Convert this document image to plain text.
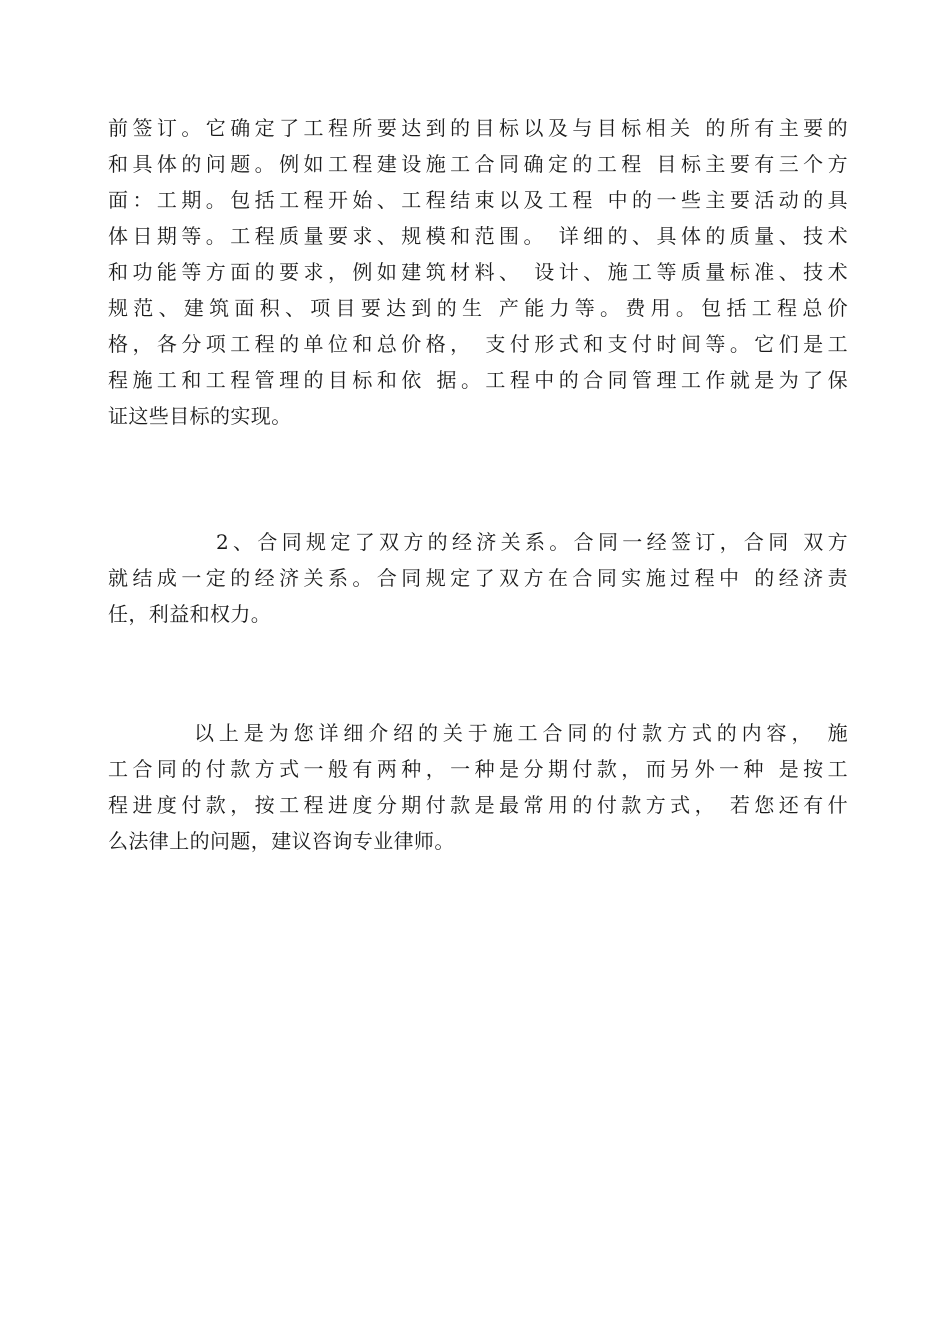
前签订。它确定了工程所要达到的目标以及与目标相关 的所有主要的
和具体的问题。例如工程建设施工合同确定的工程 目标主要有三个方
面：工期。包括工程开始、工程结束以及工程 中的一些主要活动的具
体日期等。工程质量要求、规模和范围。 详细的、具体的质量、技术
和功能等方面的要求，例如建筑材料、 设计、施工等质量标准、技术
规范、建筑面积、项目要达到的生 产能力等。费用。包括工程总价
格，各分项工程的单位和总价格， 支付形式和支付时间等。它们是工
程施工和工程管理的目标和依 据。工程中的合同管理工作就是为了保
证这些目标的实现。
2、合同规定了双方的经济关系。合同一经签订，合同 双方
就结成一定的经济关系。合同规定了双方在合同实施过程中 的经济责
任，利益和权力。
以上是为您详细介绍的关于施工合同的付款方式的内容， 施
工合同的付款方式一般有两种，一种是分期付款，而另外一种 是按工
程进度付款，按工程进度分期付款是最常用的付款方式， 若您还有什
么法律上的问题，建议咨询专业律师。
